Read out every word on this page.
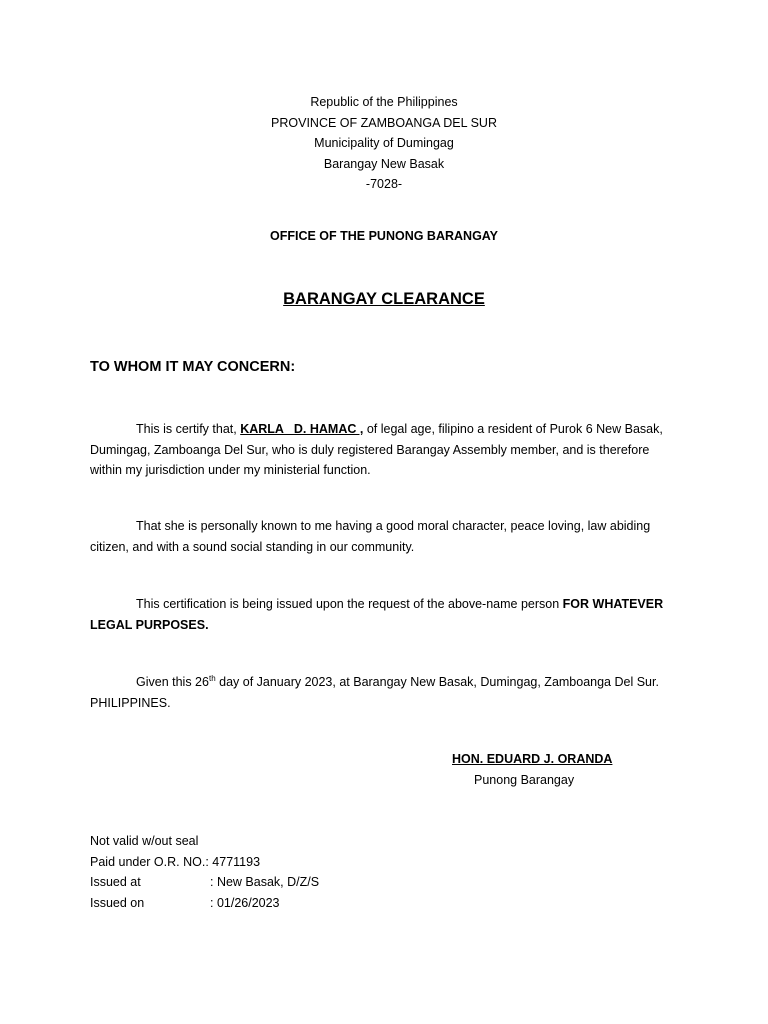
Republic of the Philippines
PROVINCE OF ZAMBOANGA DEL SUR
Municipality of Dumingag
Barangay New Basak
-7028-
OFFICE OF THE PUNONG BARANGAY
BARANGAY CLEARANCE
TO WHOM IT MAY CONCERN:
This is certify that, KARLA   D. HAMAC , of legal age, filipino a resident of Purok 6 New Basak, Dumingag, Zamboanga Del Sur, who is duly registered Barangay Assembly member, and is therefore within my jurisdiction under my ministerial function.
That she is personally known to me having a good moral character, peace loving, law abiding citizen, and with a sound social standing in our community.
This certification is being issued upon the request of the above-name person FOR WHATEVER LEGAL PURPOSES.
Given this 26th day of January 2023, at Barangay New Basak, Dumingag, Zamboanga Del Sur. PHILIPPINES.
HON. EDUARD J. ORANDA
Punong Barangay
Not valid w/out seal
Paid under O.R. NO.:
4771193
Issued at	: New Basak, D/Z/S
Issued on	: 01/26/2023
